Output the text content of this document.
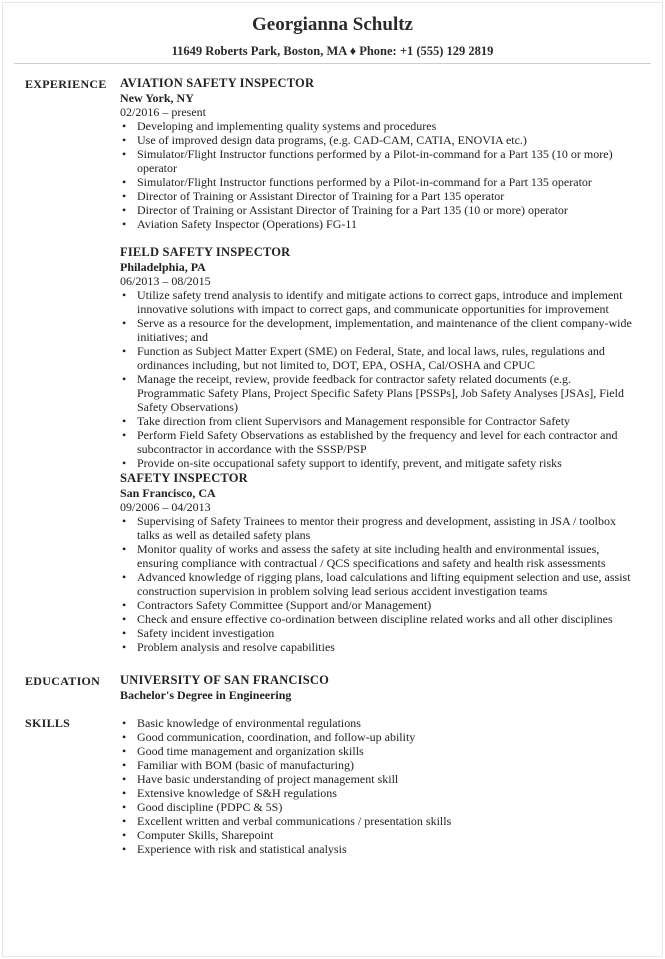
Georgianna Schultz
11649 Roberts Park, Boston, MA ♦ Phone: +1 (555) 129 2819
EXPERIENCE AVIATION SAFETY INSPECTOR
New York, NY
02/2016 – present
• Developing and implementing quality systems and procedures
• Use of improved design data programs, (e.g. CAD-CAM, CATIA, ENOVIA etc.)
• Simulator/Flight Instructor functions performed by a Pilot-in-command for a Part 135 (10 or more) operator
• Simulator/Flight Instructor functions performed by a Pilot-in-command for a Part 135 operator
• Director of Training or Assistant Director of Training for a Part 135 operator
• Director of Training or Assistant Director of Training for a Part 135 (10 or more) operator
• Aviation Safety Inspector (Operations) FG-11
FIELD SAFETY INSPECTOR
Philadelphia, PA
06/2013 – 08/2015
• Utilize safety trend analysis to identify and mitigate actions to correct gaps, introduce and implement innovative solutions with impact to correct gaps, and communicate opportunities for improvement
• Serve as a resource for the development, implementation, and maintenance of the client company-wide initiatives; and
• Function as Subject Matter Expert (SME) on Federal, State, and local laws, rules, regulations and ordinances including, but not limited to, DOT, EPA, OSHA, Cal/OSHA and CPUC
• Manage the receipt, review, provide feedback for contractor safety related documents (e.g. Programmatic Safety Plans, Project Specific Safety Plans [PSSPs], Job Safety Analyses [JSAs], Field Safety Observations)
• Take direction from client Supervisors and Management responsible for Contractor Safety
• Perform Field Safety Observations as established by the frequency and level for each contractor and subcontractor in accordance with the SSSP/PSP
• Provide on-site occupational safety support to identify, prevent, and mitigate safety risks
SAFETY INSPECTOR
San Francisco, CA
09/2006 – 04/2013
• Supervising of Safety Trainees to mentor their progress and development, assisting in JSA / toolbox talks as well as detailed safety plans
• Monitor quality of works and assess the safety at site including health and environmental issues, ensuring compliance with contractual / QCS specifications and safety and health risk assessments
• Advanced knowledge of rigging plans, load calculations and lifting equipment selection and use, assist construction supervision in problem solving lead serious accident investigation teams
• Contractors Safety Committee (Support and/or Management)
• Check and ensure effective co-ordination between discipline related works and all other disciplines
• Safety incident investigation
• Problem analysis and resolve capabilities
EDUCATION UNIVERSITY OF SAN FRANCISCO
Bachelor's Degree in Engineering
SKILLS	• Basic knowledge of environmental regulations
• Good communication, coordination, and follow-up ability
• Good time management and organization skills
• Familiar with BOM (basic of manufacturing)
• Have basic understanding of project management skill
• Extensive knowledge of S&H regulations
• Good discipline (PDPC & 5S)
• Excellent written and verbal communications / presentation skills
• Computer Skills, Sharepoint
• Experience with risk and statistical analysis
